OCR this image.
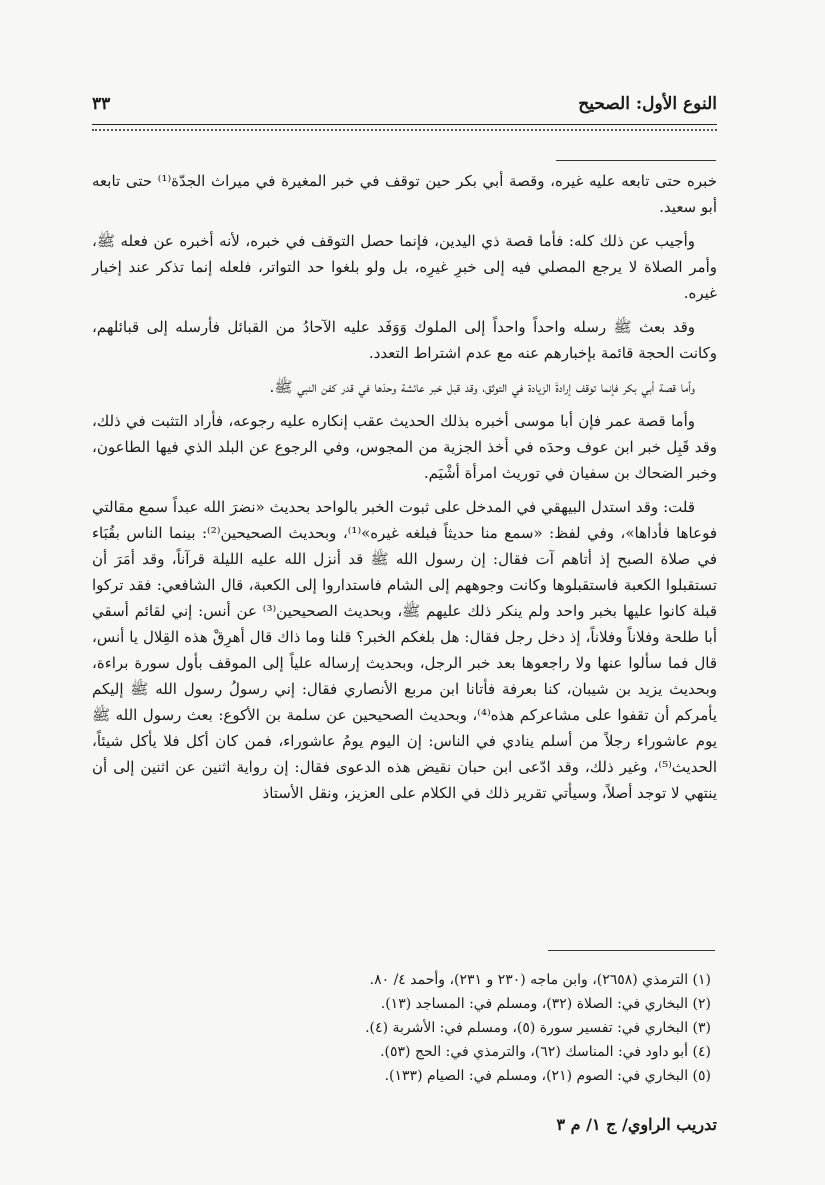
النوع الأول: الصحيح
٣٣

خبره حتى تابعه عليه غيره، وقصة أبي بكر حين توقف في خبر المغيرة في ميراث الجدّة⁽¹⁾ حتى تابعه أبو سعيد.

وأجيب عن ذلك كله: فأما قصة ذي اليدين، فإنما حصل التوقف في خبره، لأنه أخبره عن فعله ﷺ، وأمر الصلاة لا يرجع المصلي فيه إلى خبرِ غيرِه، بل ولو بلغوا حد التواتر، فلعله إنما تذكر عند إخبار غيره.

وقد بعث ﷺ رسله واحداً واحداً إلى الملوك وَوَفَد عليه الآحادُ من القبائل فأرسله إلى قبائلهم، وكانت الحجة قائمة بإخبارهم عنه مع عدم اشتراط التعدد.

وأما قصة أبي بكر فإنما توقف إرادةَ الزيادة في التوثق، وقد قبل خبر عائشة وحدَها في قدر كفن النبي ﷺ.

وأما قصة عمر فإن أبا موسى أخبره بذلك الحديث عقب إنكاره عليه رجوعه، فأراد التثبت في ذلك، وقد قَبِل خبر ابن عوف وحدَه في أخذ الجزية من المجوس، وفي الرجوع عن البلد الذي فيها الطاعون، وخبر الضحاك بن سفيان في توريث امرأة أشْيَم.

قلت: وقد استدل البيهقي في المدخل على ثبوت الخبر بالواحد بحديث «نضرَ الله عبداً سمع مقالتي فوعاها فأداها»، وفي لفظ: «سمع منا حديثاً فبلغه غيره»⁽¹⁾، وبحديث الصحيحين⁽²⁾: بينما الناس بقُبَاء في صلاة الصبح إذ أتاهم آت فقال: إن رسول الله ﷺ قد أنزل الله عليه الليلة قرآناً، وقد أمَرَ أن تستقبلوا الكعبة فاستقبلوها وكانت وجوههم إلى الشام فاستداروا إلى الكعبة، قال الشافعي: فقد تركوا قبلة كانوا عليها بخبر واحد ولم ينكر ذلك عليهم ﷺ، وبحديث الصحيحين⁽³⁾ عن أنس: إني لقائم أسقي أبا طلحة وفلاناً وفلاناً، إذ دخل رجل فقال: هل بلغكم الخبر؟ قلنا وما ذاك قال أهرِقْ هذه القِلال يا أنس، قال فما سألوا عنها ولا راجعوها بعد خبر الرجل، وبحديث إرساله علياً إلى الموقف بأول سورة براءة، وبحديث يزيد بن شيبان، كنا بعرفة فأتانا ابن مربع الأنصاري فقال: إني رسولُ رسول الله ﷺ إليكم يأمركم أن تقفوا على مشاعركم هذه⁽⁴⁾، وبحديث الصحيحين عن سلمة بن الأكوع: بعث رسول الله ﷺ يوم عاشوراء رجلاً من أسلم ينادي في الناس: إن اليوم يومُ عاشوراء، فمن كان أكل فلا يأكل شيئاً، الحديث⁽⁵⁾، وغير ذلك، وقد ادّعى ابن حبان نقيض هذه الدعوى فقال: إن رواية اثنين عن اثنين إلى أن ينتهي لا توجد أصلاً، وسيأتي تقرير ذلك في الكلام على العزيز، ونقل الأستاذ

(١) الترمذي (٢٦٥٨)، وابن ماجه (٢٣٠ و ٢٣١)، وأحمد ٤/ ٨٠.
(٢) البخاري في: الصلاة (٣٢)، ومسلم في: المساجد (١٣).
(٣) البخاري في: تفسير سورة (٥)، ومسلم في: الأشربة (٤).
(٤) أبو داود في: المناسك (٦٢)، والترمذي في: الحج (٥٣).
(٥) البخاري في: الصوم (٢١)، ومسلم في: الصيام (١٣٣).
تدريب الراوي/ ج ١/ م ٣
